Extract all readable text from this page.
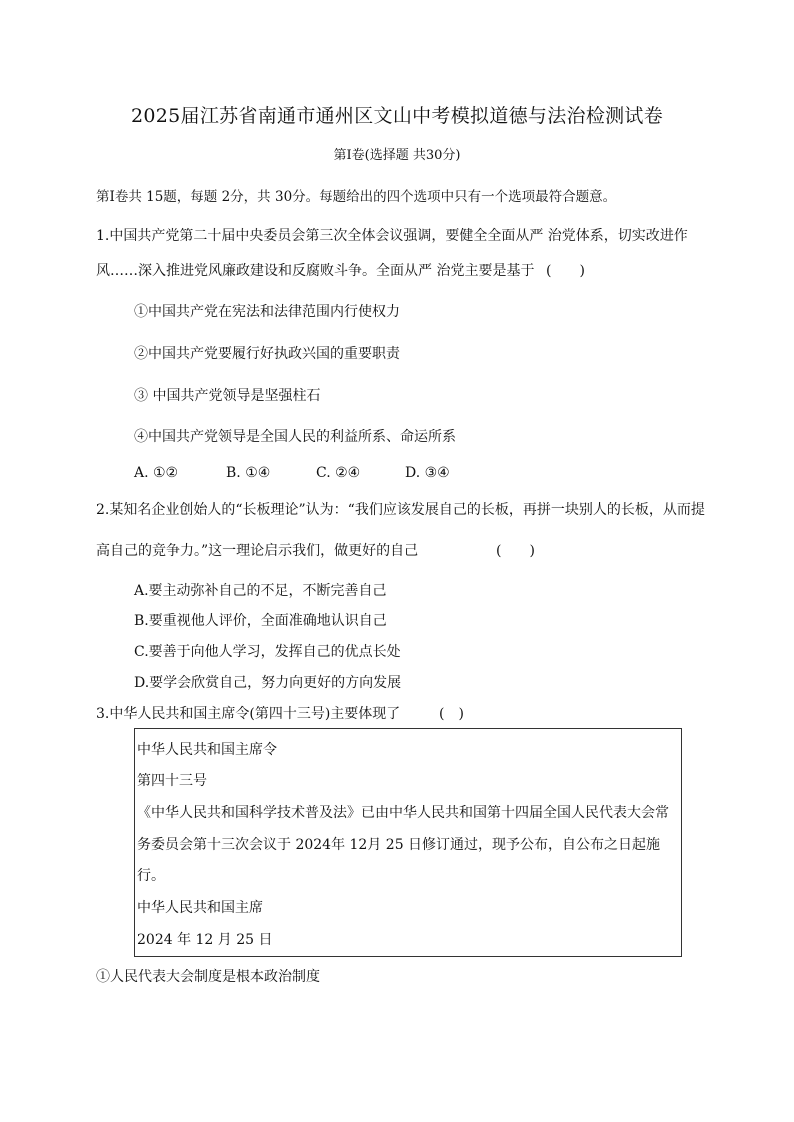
2025届江苏省南通市通州区文山中考模拟道德与法治检测试卷
第Ⅰ卷(选择题 共30分)
第Ⅰ卷共 15题，每题 2分，共 30分。每题给出的四个选项中只有一个选项最符合题意。
1.中国共产党第二十届中央委员会第三次全体会议强调，要健全全面从严 治党体系，切实改进作
风……深入推进党风廉政建设和反腐败斗争。全面从严 治党主要是基于 (　　)
①中国共产党在宪法和法律范围内行使权力
②中国共产党要履行好执政兴国的重要职责
③ 中国共产党领导是坚强柱石
④中国共产党领导是全国人民的利益所系、命运所系
A. ①②	B. ①④	C. ②④	D. ③④
2.某知名企业创始人的“长板理论”认为：“我们应该发展自己的长板，再拼一块别人的长板，从而提
高自己的竞争力。”这一理论启示我们，做更好的自己	(　　)
A.要主动弥补自己的不足，不断完善自己
B.要重视他人评价，全面准确地认识自己
C.要善于向他人学习，发挥自己的优点长处
D.要学会欣赏自己，努力向更好的方向发展
3.中华人民共和国主席令(第四十三号)主要体现了	(　)
中华人民共和国主席令
第四十三号
《中华人民共和国科学技术普及法》已由中华人民共和国第十四届全国人民代表大会常
务委员会第十三次会议于 2024年 12月 25 日修订通过，现予公布，自公布之日起施
行。
中华人民共和国主席
2024 年 12 月 25 日
①人民代表大会制度是根本政治制度
